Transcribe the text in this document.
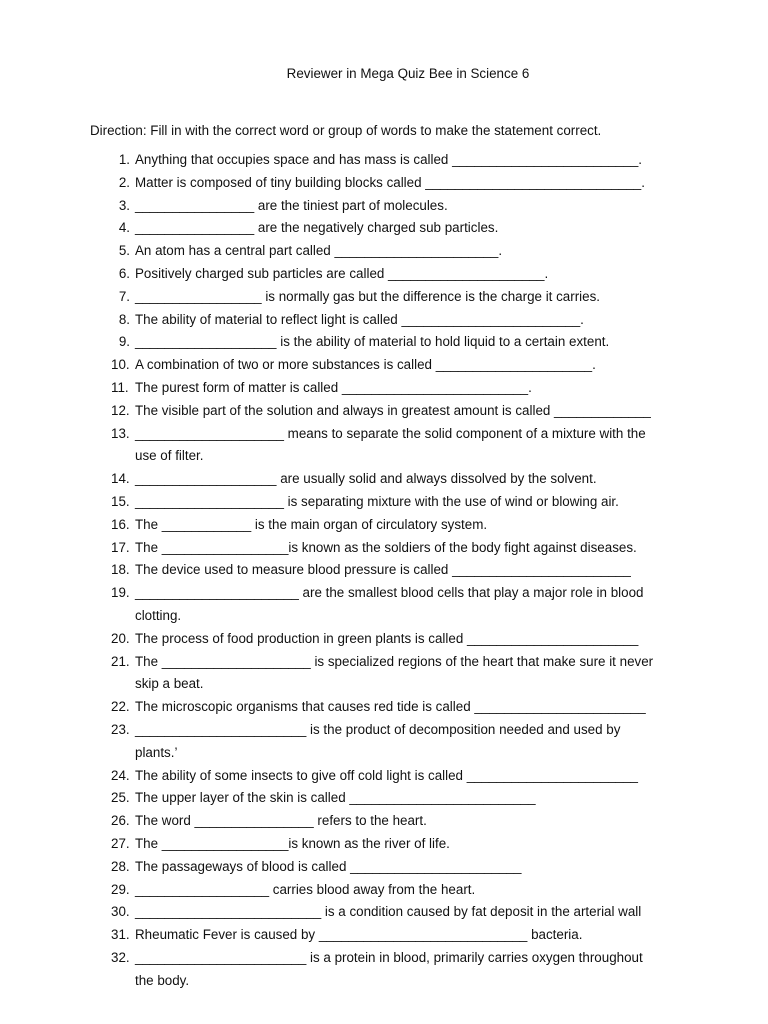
Reviewer in Mega Quiz Bee in Science 6
Direction: Fill in with the correct word or group of words to make the statement correct.
1. Anything that occupies space and has mass is called _________________________.
2. Matter is composed of tiny building blocks called _____________________________.
3. ________________ are the tiniest part of molecules.
4. ________________ are the negatively charged sub particles.
5. An atom has a central part called ______________________.
6. Positively charged sub particles are called _____________________.
7. _________________ is normally gas but the difference is the charge it carries.
8. The ability of material to reflect light is called ________________________.
9. ___________________ is the ability of material to hold liquid to a certain extent.
10. A combination of two or more substances is called _____________________.
11. The purest form of matter is called _________________________.
12. The visible part of the solution and always in greatest amount is called _____________
13. ____________________ means to separate the solid component of a mixture with the
use of filter.
14. ___________________ are usually solid and always dissolved by the solvent.
15. ____________________ is separating mixture with the use of wind or blowing air.
16. The ____________ is the main organ of circulatory system.
17. The _________________is known as the soldiers of the body fight against diseases.
18. The device used to measure blood pressure is called ________________________
19. ______________________ are the smallest blood cells that play a major role in blood
clotting.
20. The process of food production in green plants is called _______________________
21. The ____________________ is specialized regions of the heart that make sure it never
skip a beat.
22. The microscopic organisms that causes red tide is called _______________________
23. _______________________ is the product of decomposition needed and used by
plants.’
24. The ability of some insects to give off cold light is called _______________________
25. The upper layer of the skin is called _________________________
26. The word ________________ refers to the heart.
27. The _________________is known as the river of life.
28. The passageways of blood is called _______________________
29. __________________ carries blood away from the heart.
30. _________________________ is a condition caused by fat deposit in the arterial wall
31. Rheumatic Fever is caused by ____________________________ bacteria.
32. _______________________ is a protein in blood, primarily carries oxygen throughout
the body.
